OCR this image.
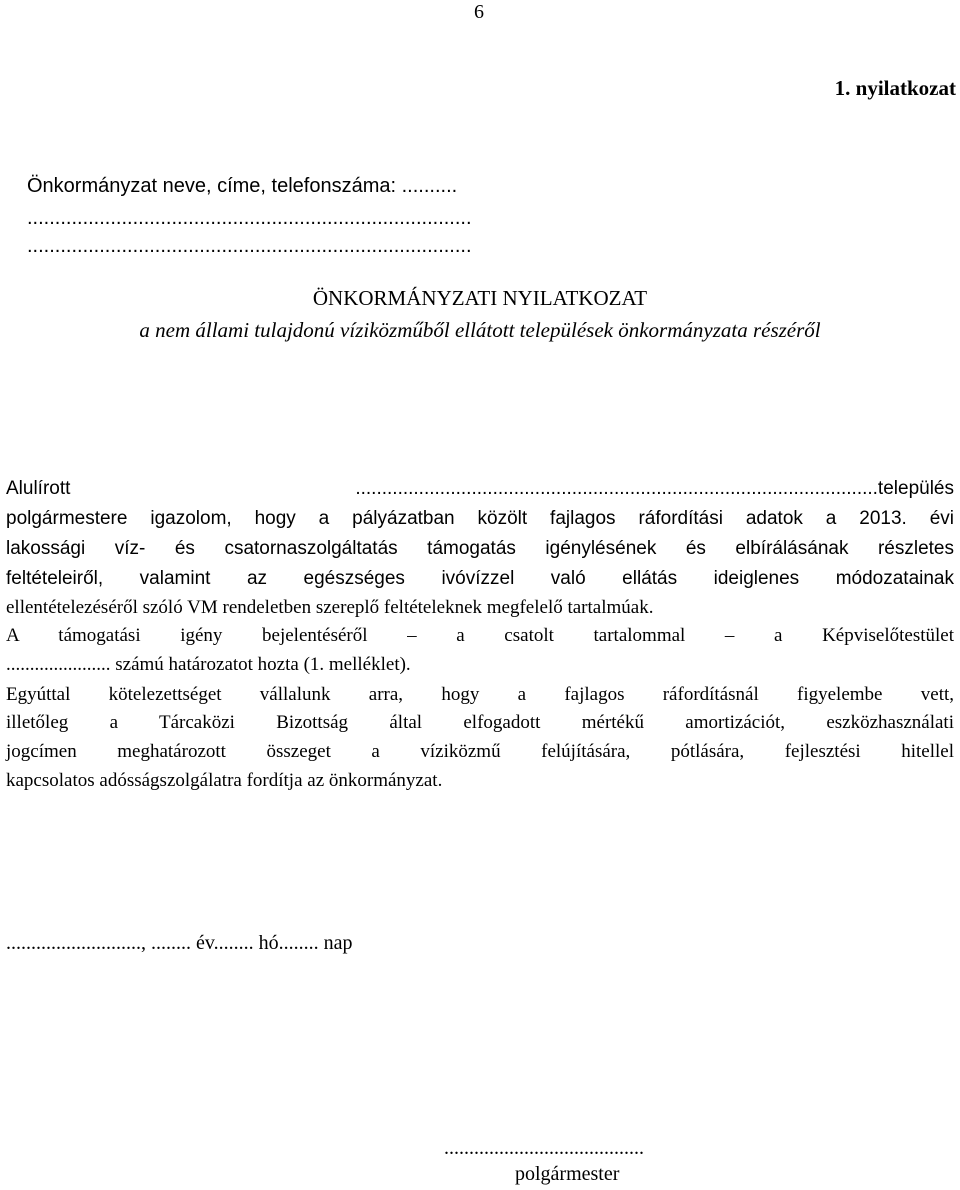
6
1. nyilatkozat
Önkormányzat neve, címe, telefonszáma: ..........
................................................................................
................................................................................
ÖNKORMÁNYZATI NYILATKOZAT
a nem állami tulajdonú víziközműből ellátott települések önkormányzata részéről
Alulírott ...................................................................................................település
polgármestere igazolom, hogy a pályázatban közölt fajlagos ráfordítási adatok a 2013. évi
lakossági víz- és csatornaszolgáltatás támogatás igénylésének és elbírálásának részletes
feltételeiről, valamint az egészséges ivóvízzel való ellátás ideiglenes módozatainak
ellentételezéséről szóló VM rendeletben szereplő feltételeknek megfelelő tartalmúak.
A támogatási igény bejelentéséről – a csatolt tartalommal – a Képviselőtestület
...................... számú határozatot hozta (1. melléklet).
Egyúttal kötelezettséget vállalunk arra, hogy a fajlagos ráfordításnál figyelembe vett,
illetőleg a Tárcaközi Bizottság által elfogadott mértékű amortizációt, eszközhasználati
jogcímen meghatározott összeget a víziközmű felújítására, pótlására, fejlesztési hitellel
kapcsolatos adósságszolgálatra fordítja az önkormányzat.
..........................., ........ év........ hó........ nap
........................................
polgármester
